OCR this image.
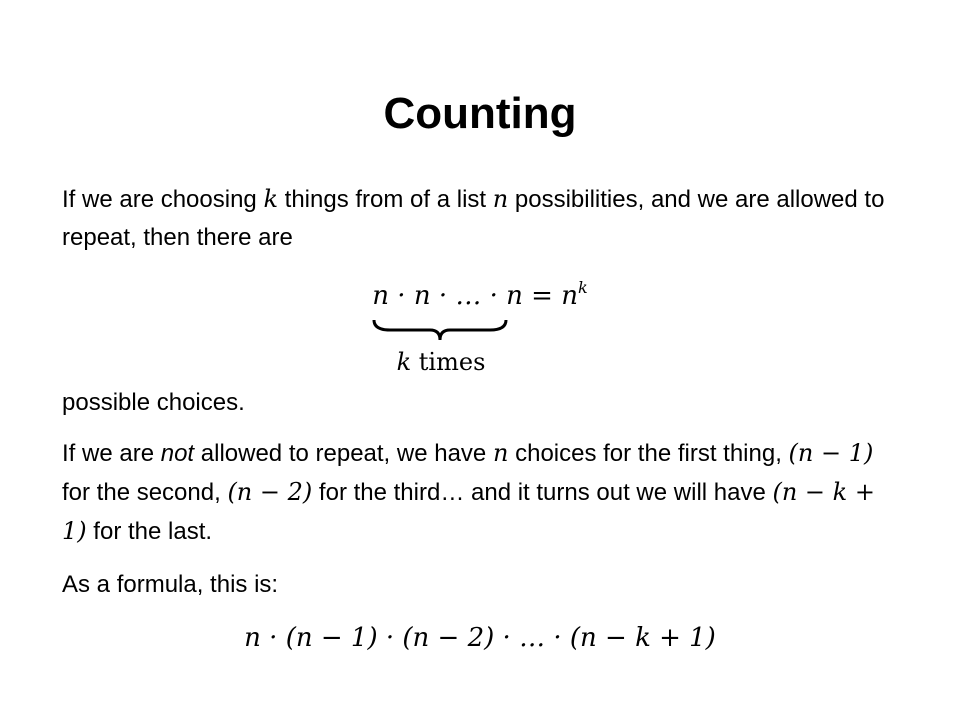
Counting

If we are choosing k things from of a list n possibilities, and we are allowed to repeat, then there are

n · n · … · $n = n^k$
k times

possible choices.

If we are not allowed to repeat, we have n choices for the first thing, (n − 1) for the second, (n − 2) for the third… and it turns out we will have (n − k + 1) for the last.

As a formula, this is:

n · (n − 1) · (n − 2) · … · (n − k + 1)
